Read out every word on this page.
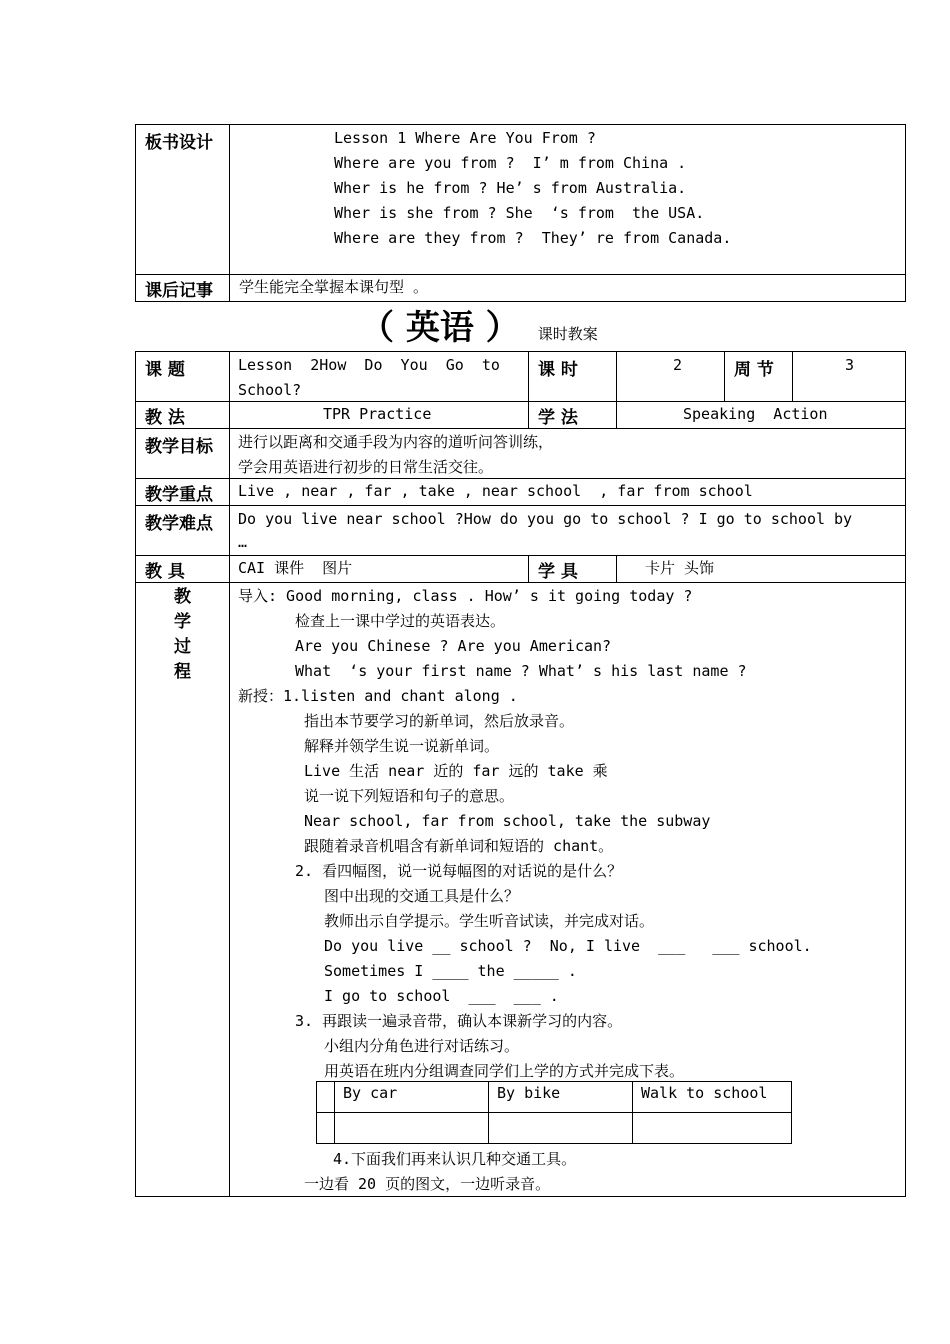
板书设计	Lesson 1 Where Are You From ?
Where are you from ?  I’ m from China .
Wher is he from ? He’ s from Australia.
Wher is she from ? She  ‘s from  the USA.
Where are they from ?  They’ re from Canada.

课后记事	学生能完全掌握本课句型 。
（ 英语 ） 课时教案
课 题	Lesson  2How  Do  You  Go  to
School?
	课 时	2	周 节	3

教 法	TPR Practice	学 法	Speaking  Action

教学目标	进行以距离和交通手段为内容的道听问答训练，
学会用英语进行初步的日常生活交往。

教学重点	Live , near , far , take , near school  , far from school

教学难点	Do you live near school ?How do you go to school ? I go to school by
…

教 具	CAI 课件  图片	学 具	卡片 头饰

教
学
过
程

导入: Good morning, class . How’ s it going today ?
检查上一课中学过的英语表达。
Are you Chinese ? Are you American?
What  ‘s your first name ? What’ s his last name ?
新授：1.listen and chant along .
指出本节要学习的新单词，然后放录音。
解释并领学生说一说新单词。
Live 生活 near 近的 far 远的 take 乘
说一说下列短语和句子的意思。
Near school, far from school, take the subway
跟随着录音机唱含有新单词和短语的 chant。
2. 看四幅图，说一说每幅图的对话说的是什么？
图中出现的交通工具是什么？
教师出示自学提示。学生听音试读，并完成对话。
Do you live __ school ?  No, I live  ___   ___ school.
Sometimes I ____ the _____ .
I go to school  ___  ___ .
3. 再跟读一遍录音带，确认本课新学习的内容。
小组内分角色进行对话练习。
用英语在班内分组调查同学们上学的方式并完成下表。
	By car	By bike	Walk to school

4.下面我们再来认识几种交通工具。
一边看 20 页的图文，一边听录音。
